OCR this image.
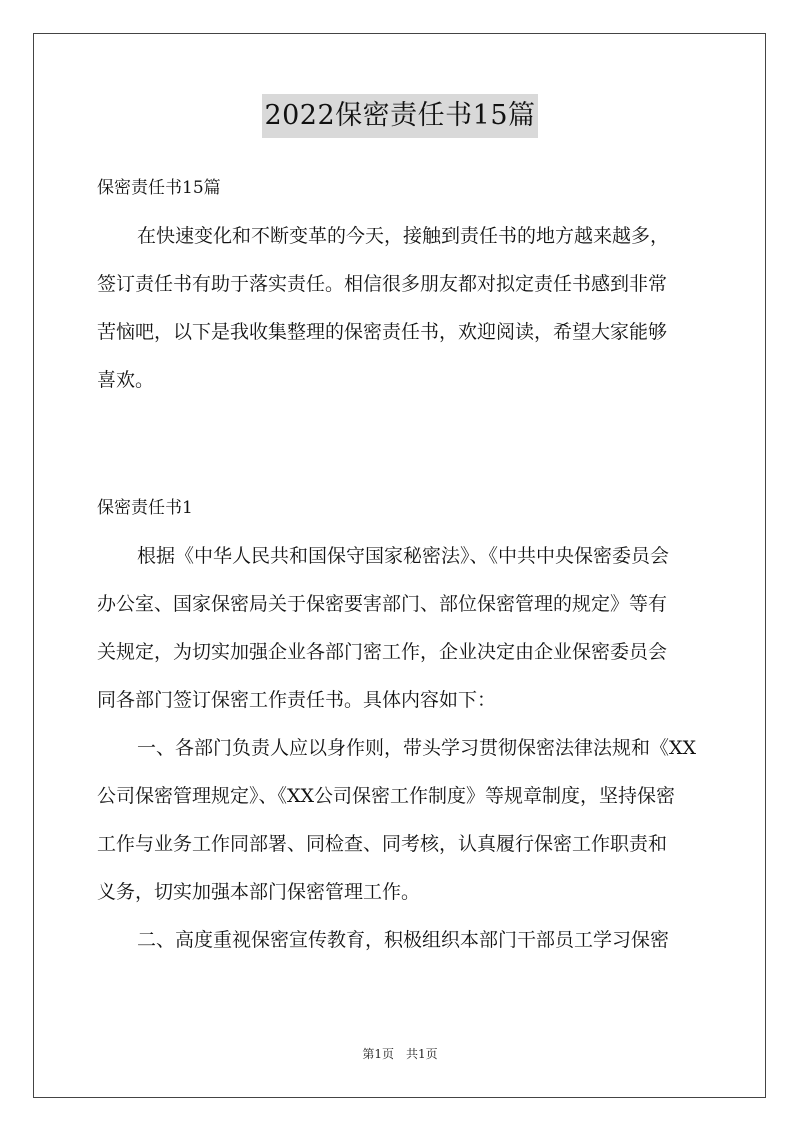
2022保密责任书15篇
保密责任书15篇
在快速变化和不断变革的今天，接触到责任书的地方越来越多，
签订责任书有助于落实责任。相信很多朋友都对拟定责任书感到非常
苦恼吧，以下是我收集整理的保密责任书，欢迎阅读，希望大家能够
喜欢。
保密责任书1
根据《中华人民共和国保守国家秘密法》、《中共中央保密委员会
办公室、国家保密局关于保密要害部门、部位保密管理的规定》等有
关规定，为切实加强企业各部门密工作，企业决定由企业保密委员会
同各部门签订保密工作责任书。具体内容如下：
一、各部门负责人应以身作则，带头学习贯彻保密法律法规和《XX
公司保密管理规定》、《XX公司保密工作制度》等规章制度，坚持保密
工作与业务工作同部署、同检查、同考核，认真履行保密工作职责和
义务，切实加强本部门保密管理工作。
二、高度重视保密宣传教育，积极组织本部门干部员工学习保密
第1页　共1页
